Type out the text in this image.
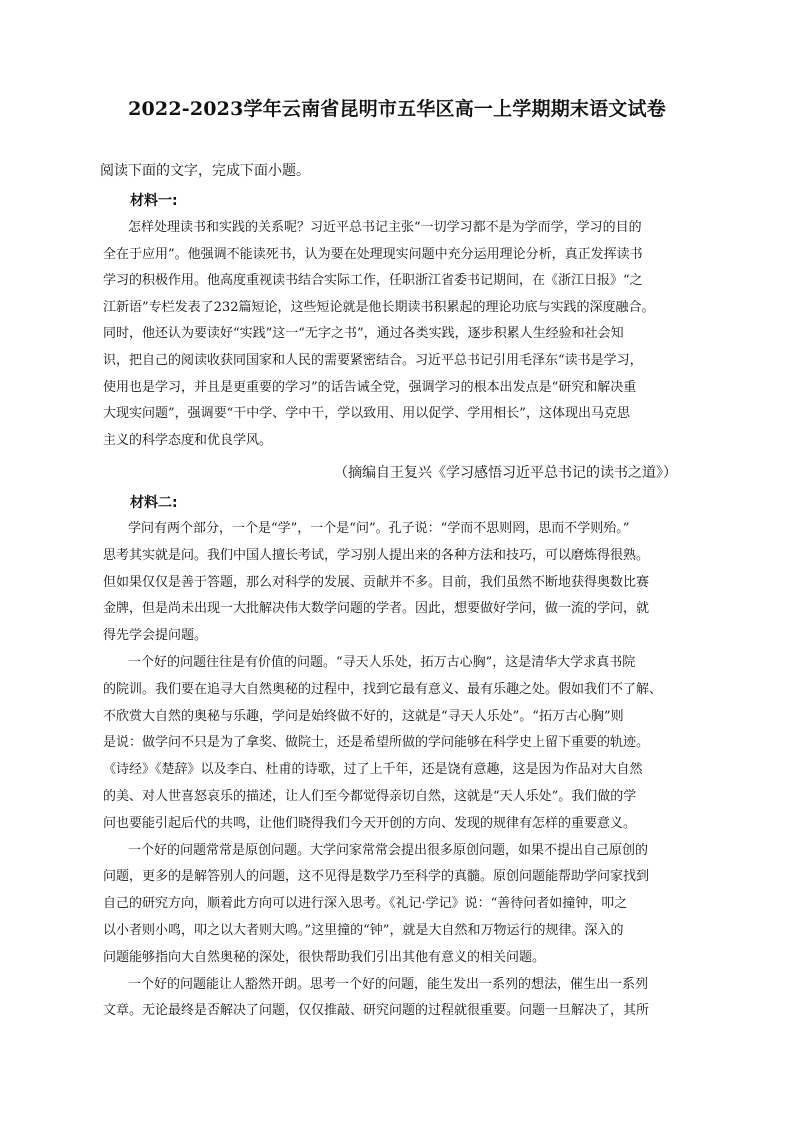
2022-2023学年云南省昆明市五华区高一上学期期末语文试卷
阅读下面的文字，完成下面小题。
材料一:
怎样处理读书和实践的关系呢？习近平总书记主张“一切学习都不是为学而学，学习的目的
全在于应用”。他强调不能读死书，认为要在处理现实问题中充分运用理论分析，真正发挥读书
学习的积极作用。他高度重视读书结合实际工作，任职浙江省委书记期间，在《浙江日报》“之
江新语”专栏发表了232篇短论，这些短论就是他长期读书积累起的理论功底与实践的深度融合。
同时，他还认为要读好“实践”这一“无字之书”，通过各类实践，逐步积累人生经验和社会知
识，把自己的阅读收获同国家和人民的需要紧密结合。习近平总书记引用毛泽东“读书是学习，
使用也是学习，并且是更重要的学习”的话告诫全党，强调学习的根本出发点是“研究和解决重
大现实问题”，强调要“干中学、学中干，学以致用、用以促学、学用相长”，这体现出马克思
主义的科学态度和优良学风。
（摘编自王复兴《学习感悟习近平总书记的读书之道》）
材料二:
学问有两个部分，一个是“学”，一个是“问”。孔子说：“学而不思则罔，思而不学则殆。”
思考其实就是问。我们中国人擅长考试，学习别人提出来的各种方法和技巧，可以磨炼得很熟。
但如果仅仅是善于答题，那么对科学的发展、贡献并不多。目前，我们虽然不断地获得奥数比赛
金牌，但是尚未出现一大批解决伟大数学问题的学者。因此，想要做好学问，做一流的学问，就
得先学会提问题。
一个好的问题往往是有价值的问题。“寻天人乐处，拓万古心胸”，这是清华大学求真书院
的院训。我们要在追寻大自然奥秘的过程中，找到它最有意义、最有乐趣之处。假如我们不了解、
不欣赏大自然的奥秘与乐趣，学问是始终做不好的，这就是“寻天人乐处”。“拓万古心胸”则
是说：做学问不只是为了拿奖、做院士，还是希望所做的学问能够在科学史上留下重要的轨迹。
《诗经》《楚辞》以及李白、杜甫的诗歌，过了上千年，还是饶有意趣，这是因为作品对大自然
的美、对人世喜怒哀乐的描述，让人们至今都觉得亲切自然，这就是“天人乐处”。我们做的学
问也要能引起后代的共鸣，让他们晓得我们今天开创的方向、发现的规律有怎样的重要意义。
一个好的问题常常是原创问题。大学问家常常会提出很多原创问题，如果不提出自己原创的
问题，更多的是解答别人的问题，这不见得是数学乃至科学的真髓。原创问题能帮助学问家找到
自己的研究方向，顺着此方向可以进行深入思考。《礼记·学记》说：“善待问者如撞钟，叩之
以小者则小鸣，叩之以大者则大鸣。”这里撞的“钟”，就是大自然和万物运行的规律。深入的
问题能够指向大自然奥秘的深处，很快帮助我们引出其他有意义的相关问题。
一个好的问题能让人豁然开朗。思考一个好的问题，能生发出一系列的想法，催生出一系列
文章。无论最终是否解决了问题，仅仅推敲、研究问题的过程就很重要。问题一旦解决了，其所
